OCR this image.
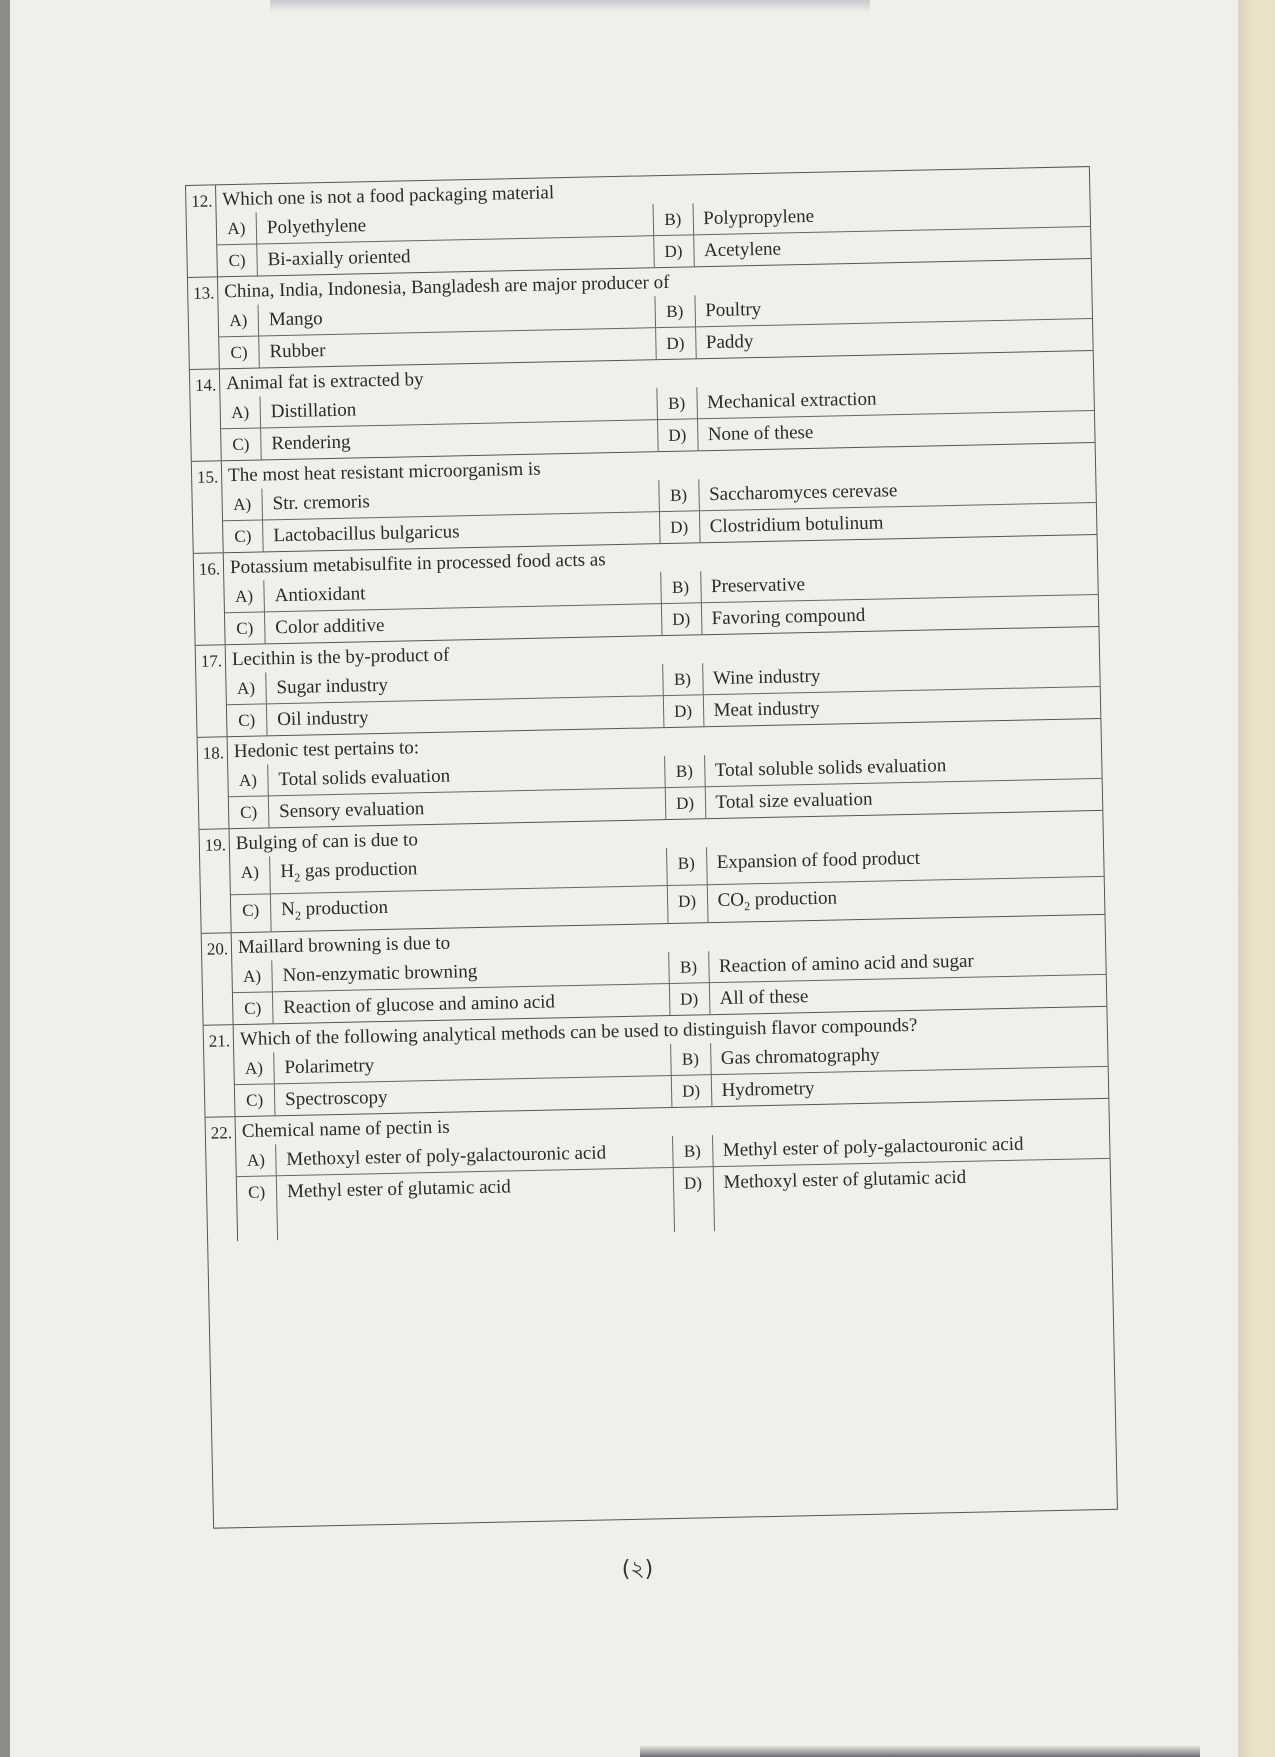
12. Which one is not a food packaging material
A)	Polyethylene	B)	Polypropylene
C)	Bi-axially oriented	D)	Acetylene
13. China, India, Indonesia, Bangladesh are major producer of
A)	Mango	B)	Poultry
C)	Rubber	D)	Paddy
14. Animal fat is extracted by
A)	Distillation	B)	Mechanical extraction
C)	Rendering	D)	None of these
15. The most heat resistant microorganism is
A)	Str. cremoris	B)	Saccharomyces cerevase
C)	Lactobacillus bulgaricus	D)	Clostridium botulinum
16. Potassium metabisulfite in processed food acts as
A)	Antioxidant	B)	Preservative
C)	Color additive	D)	Favoring compound
17. Lecithin is the by-product of
A)	Sugar industry	B)	Wine industry
C)	Oil industry	D)	Meat industry
18. Hedonic test pertains to:
A)	Total solids evaluation	B)	Total soluble solids evaluation
C)	Sensory evaluation	D)	Total size evaluation
19. Bulging of can is due to
A)	$H_2$ gas production	B)	Expansion of food product
C)	$N_2$ production	D)	$CO_2$ production
20. Maillard browning is due to
A)	Non-enzymatic browning	B)	Reaction of amino acid and sugar
C)	Reaction of glucose and amino acid	D)	All of these
21. Which of the following analytical methods can be used to distinguish flavor compounds?
A)	Polarimetry	B)	Gas chromatography
C)	Spectroscopy	D)	Hydrometry
22. Chemical name of pectin is
A)	Methoxyl ester of poly-galactouronic acid	B)	Methyl ester of poly-galactouronic acid
C)	Methyl ester of glutamic acid	D)	Methoxyl ester of glutamic acid
(২)
